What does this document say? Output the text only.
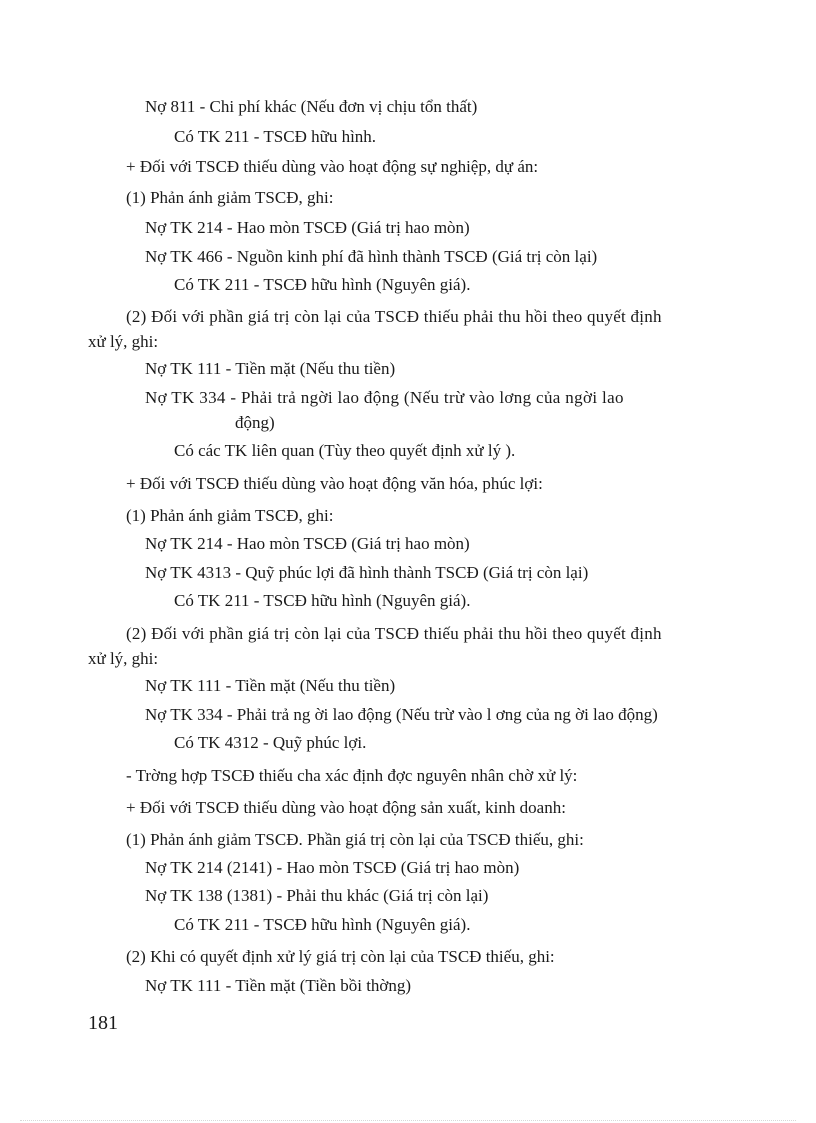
Nợ 811 - Chi phí khác (Nếu đơn vị chịu tổn thất)
Có TK 211 - TSCĐ hữu hình.
+ Đối với TSCĐ thiếu dùng vào hoạt động sự nghiệp, dự án:
(1) Phản ánh giảm TSCĐ, ghi:
Nợ TK 214 - Hao mòn TSCĐ (Giá trị hao mòn)
Nợ TK 466 - Nguồn kinh phí đã hình thành TSCĐ (Giá trị còn lại)
Có TK 211 - TSCĐ hữu hình (Nguyên giá).
(2) Đối với phần giá trị còn lại của TSCĐ thiếu phải thu hồi theo quyết định
xử lý, ghi:
Nợ TK 111 - Tiền mặt (Nếu thu tiền)
Nợ TK 334 - Phải trả ngời lao động (Nếu trừ vào lơng của ngời lao
động)
Có các TK liên quan (Tùy theo quyết định xử lý ).
+ Đối với TSCĐ thiếu dùng vào hoạt động văn hóa, phúc lợi:
(1) Phản ánh giảm TSCĐ, ghi:
Nợ TK 214 - Hao mòn TSCĐ (Giá trị hao mòn)
Nợ TK 4313 - Quỹ phúc lợi đã hình thành TSCĐ (Giá trị còn lại)
Có TK 211 - TSCĐ hữu hình (Nguyên giá).
(2) Đối với phần giá trị còn lại của TSCĐ thiếu phải thu hồi theo quyết định
xử lý, ghi:
Nợ TK 111 - Tiền mặt (Nếu thu tiền)
Nợ TK 334 - Phải trả ng ời lao động (Nếu trừ vào l ơng của ng ời lao động)
Có TK 4312 - Quỹ phúc lợi.
- Trờng hợp TSCĐ thiếu cha xác định đợc nguyên nhân chờ xử lý:
+ Đối với TSCĐ thiếu dùng vào hoạt động sản xuất, kinh doanh:
(1) Phản ánh giảm TSCĐ. Phần giá trị còn lại của TSCĐ thiếu, ghi:
Nợ TK 214 (2141) - Hao mòn TSCĐ (Giá trị hao mòn)
Nợ TK 138 (1381) - Phải thu khác (Giá trị còn lại)
Có TK 211 - TSCĐ hữu hình (Nguyên giá).
(2) Khi có quyết định xử lý giá trị còn lại của TSCĐ thiếu, ghi:
Nợ TK 111 - Tiền mặt (Tiền bồi thờng)
181
